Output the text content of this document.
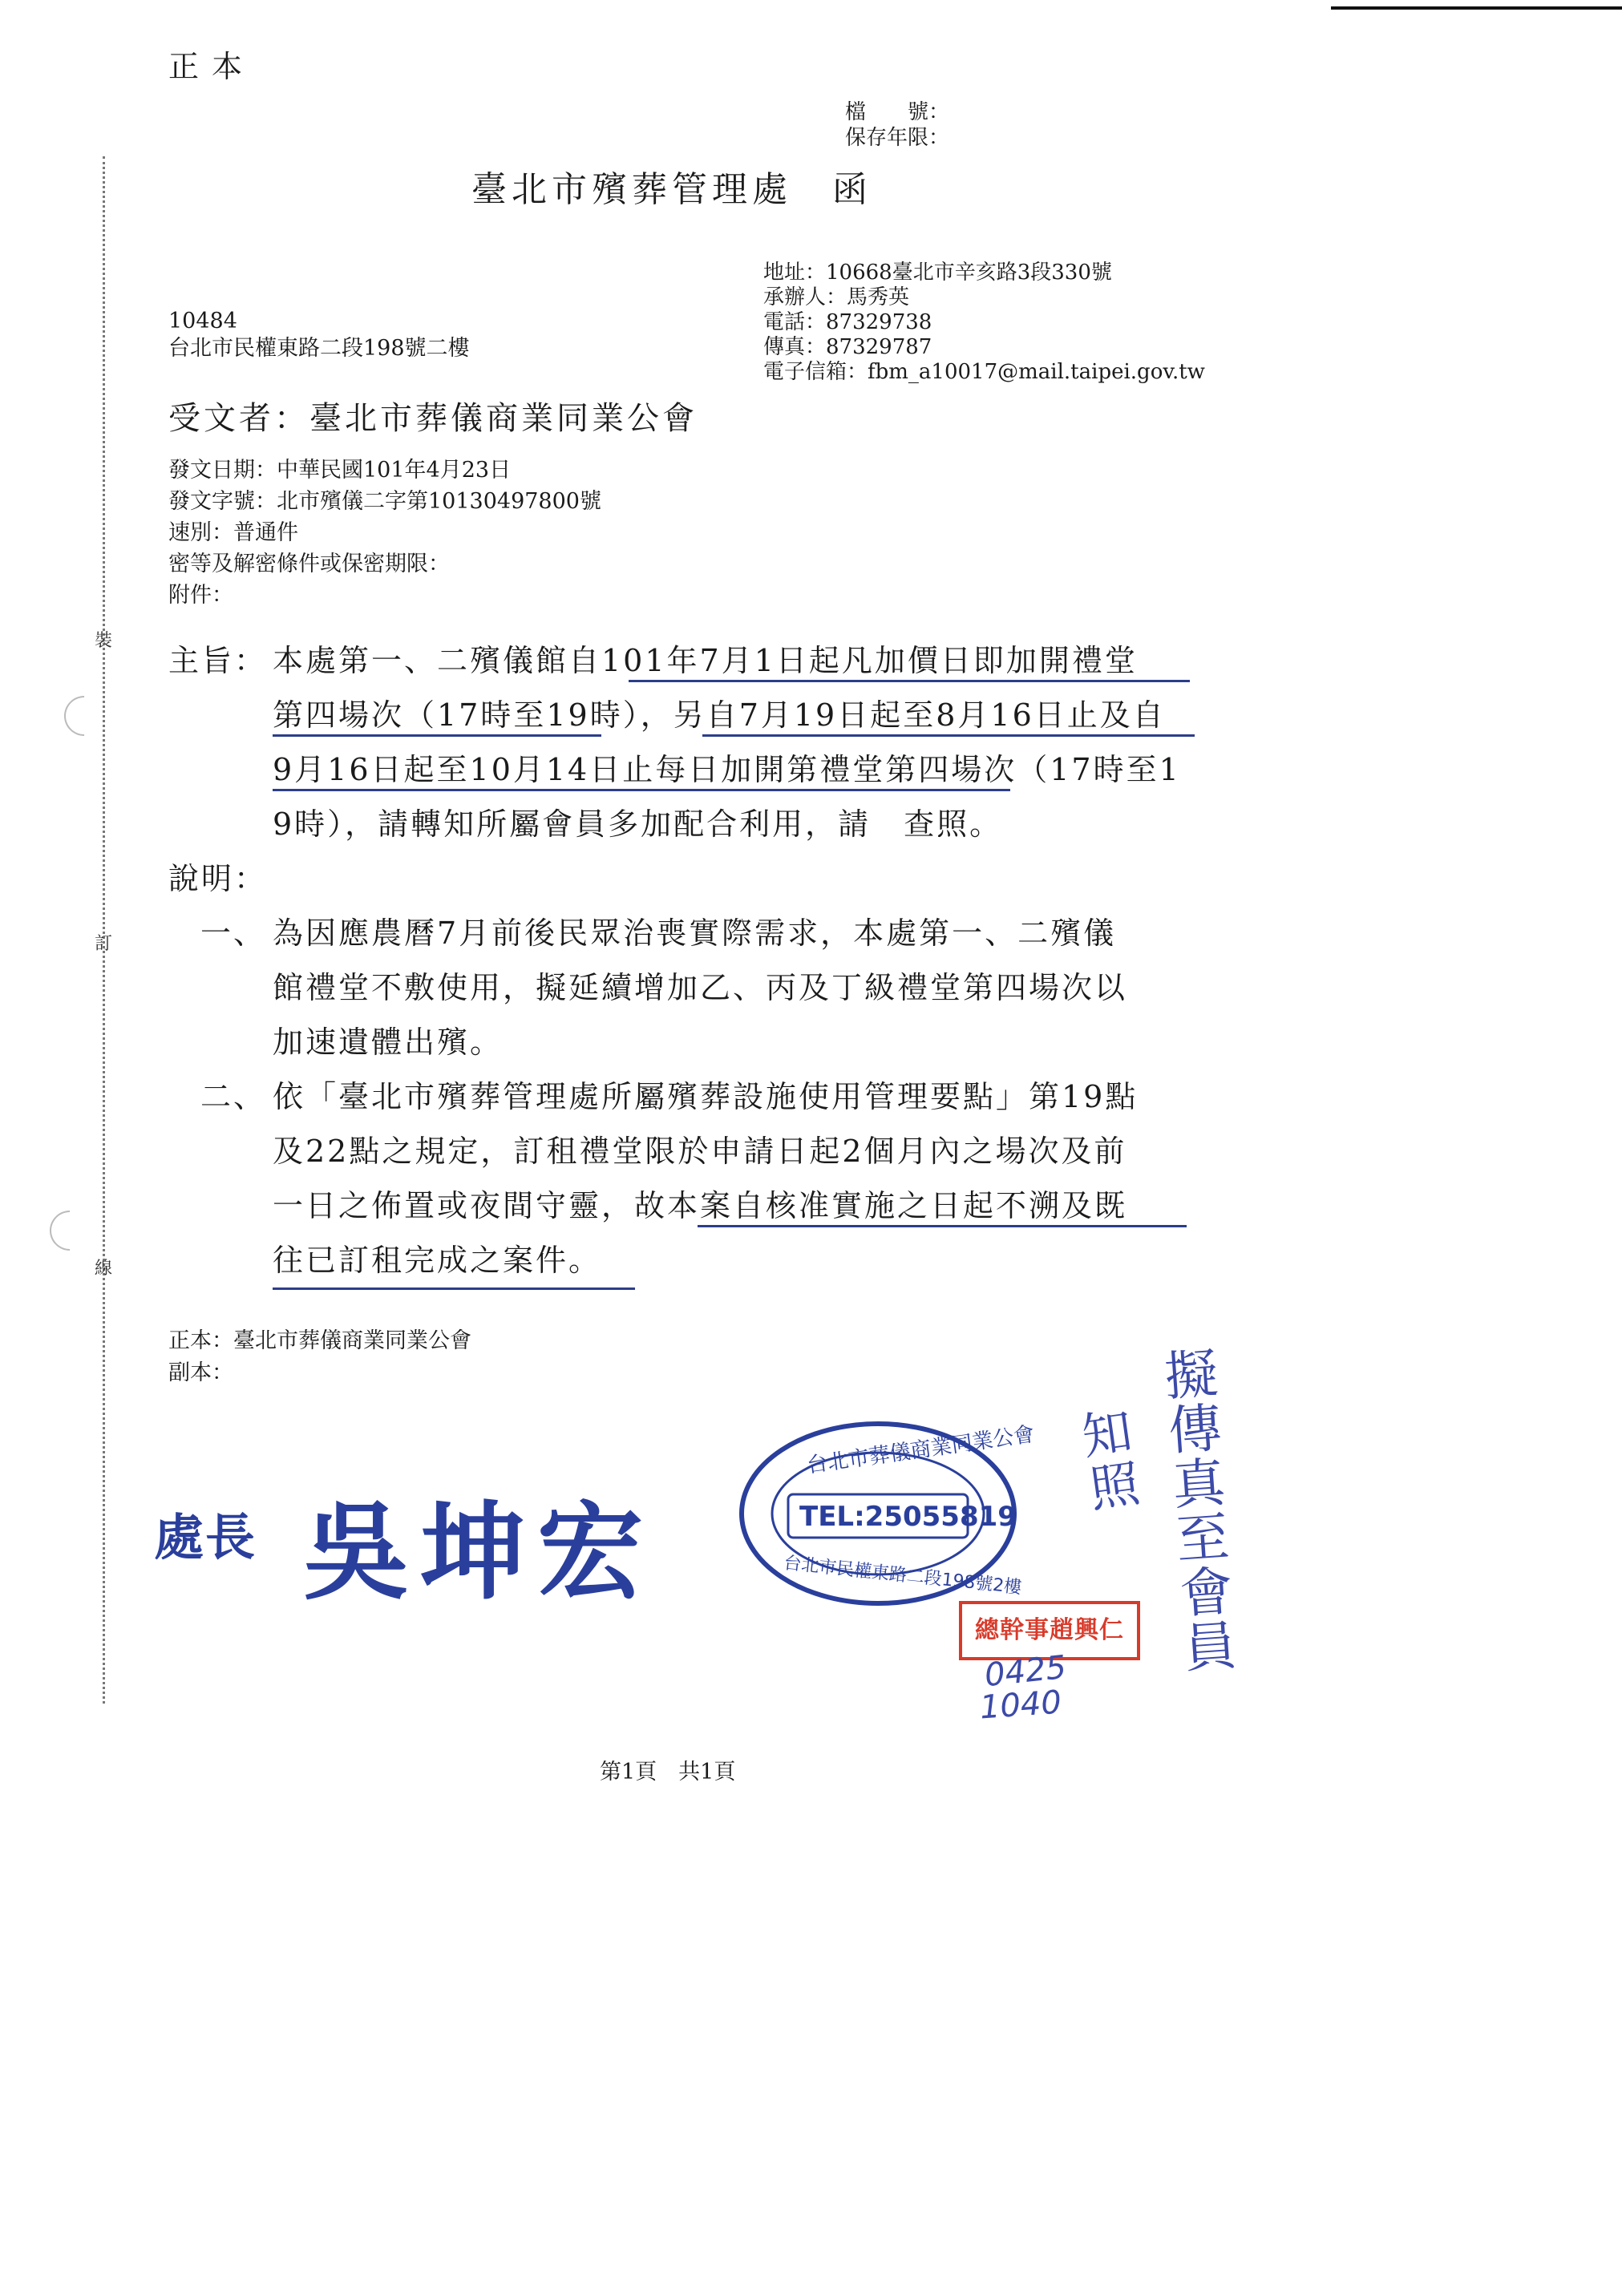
裝
訂
線
正本
檔　　號：
保存年限：
臺北市殯葬管理處　函
地址：10668臺北市辛亥路3段330號
承辦人：馬秀英
電話：87329738
傳真：87329787
電子信箱：fbm_a10017@mail.taipei.gov.tw
10484
台北市民權東路二段198號二樓
受文者：臺北市葬儀商業同業公會
發文日期：中華民國101年4月23日
發文字號：北市殯儀二字第10130497800號
速別：普通件
密等及解密條件或保密期限：
附件：
主旨： 本處第一、二殯儀館自101年7月1日起凡加價日即加開禮堂
第四場次（17時至19時），另自7月19日起至8月16日止及自
9月16日起至10月14日止每日加開第禮堂第四場次（17時至1
9時），請轉知所屬會員多加配合利用，請　查照。
說明：
一、 為因應農曆7月前後民眾治喪實際需求，本處第一、二殯儀
館禮堂不敷使用，擬延續增加乙、丙及丁級禮堂第四場次以
加速遺體出殯。
二、 依「臺北市殯葬管理處所屬殯葬設施使用管理要點」第19點
及22點之規定，訂租禮堂限於申請日起2個月內之場次及前
一日之佈置或夜間守靈，故本案自核准實施之日起不溯及既
往已訂租完成之案件。
正本：臺北市葬儀商業同業公會
副本：
處長 吳坤宏
台北市葬儀商業同業公會
TEL:25055819
台北市民權東路二段198號2樓
總幹事趙興仁
0425
1040
知照 擬傳真至會員
第1頁　共1頁
